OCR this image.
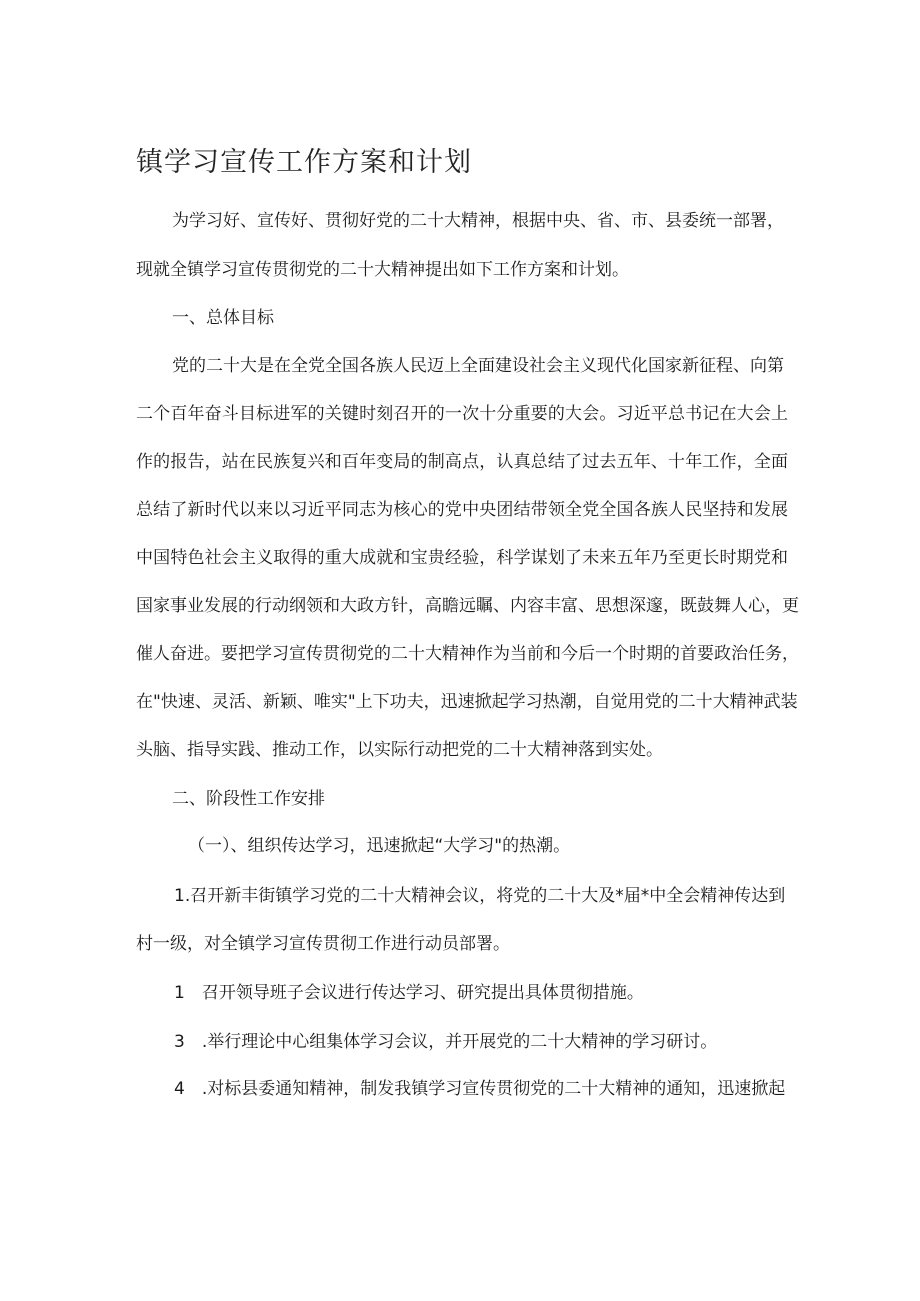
镇学习宣传工作方案和计划
为学习好、宣传好、贯彻好党的二十大精神，根据中央、省、市、县委统一部署，
现就全镇学习宣传贯彻党的二十大精神提出如下工作方案和计划。
一、总体目标
党的二十大是在全党全国各族人民迈上全面建设社会主义现代化国家新征程、向第
二个百年奋斗目标进军的关键时刻召开的一次十分重要的大会。习近平总书记在大会上
作的报告，站在民族复兴和百年变局的制高点，认真总结了过去五年、十年工作，全面
总结了新时代以来以习近平同志为核心的党中央团结带领全党全国各族人民坚持和发展
中国特色社会主义取得的重大成就和宝贵经验，科学谋划了未来五年乃至更长时期党和
国家事业发展的行动纲领和大政方针，高瞻远瞩、内容丰富、思想深邃，既鼓舞人心，更
催人奋进。要把学习宣传贯彻党的二十大精神作为当前和今后一个时期的首要政治任务，
在"快速、灵活、新颖、唯实"上下功夫，迅速掀起学习热潮，自觉用党的二十大精神武装
头脑、指导实践、推动工作，以实际行动把党的二十大精神落到实处。
二、阶段性工作安排
（一）、组织传达学习，迅速掀起“大学习"的热潮。
1.召开新丰街镇学习党的二十大精神会议，将党的二十大及*届*中全会精神传达到
村一级，对全镇学习宣传贯彻工作进行动员部署。
1　召开领导班子会议进行传达学习、研究提出具体贯彻措施。
3　.举行理论中心组集体学习会议，并开展党的二十大精神的学习研讨。
4　.对标县委通知精神，制发我镇学习宣传贯彻党的二十大精神的通知，迅速掀起
